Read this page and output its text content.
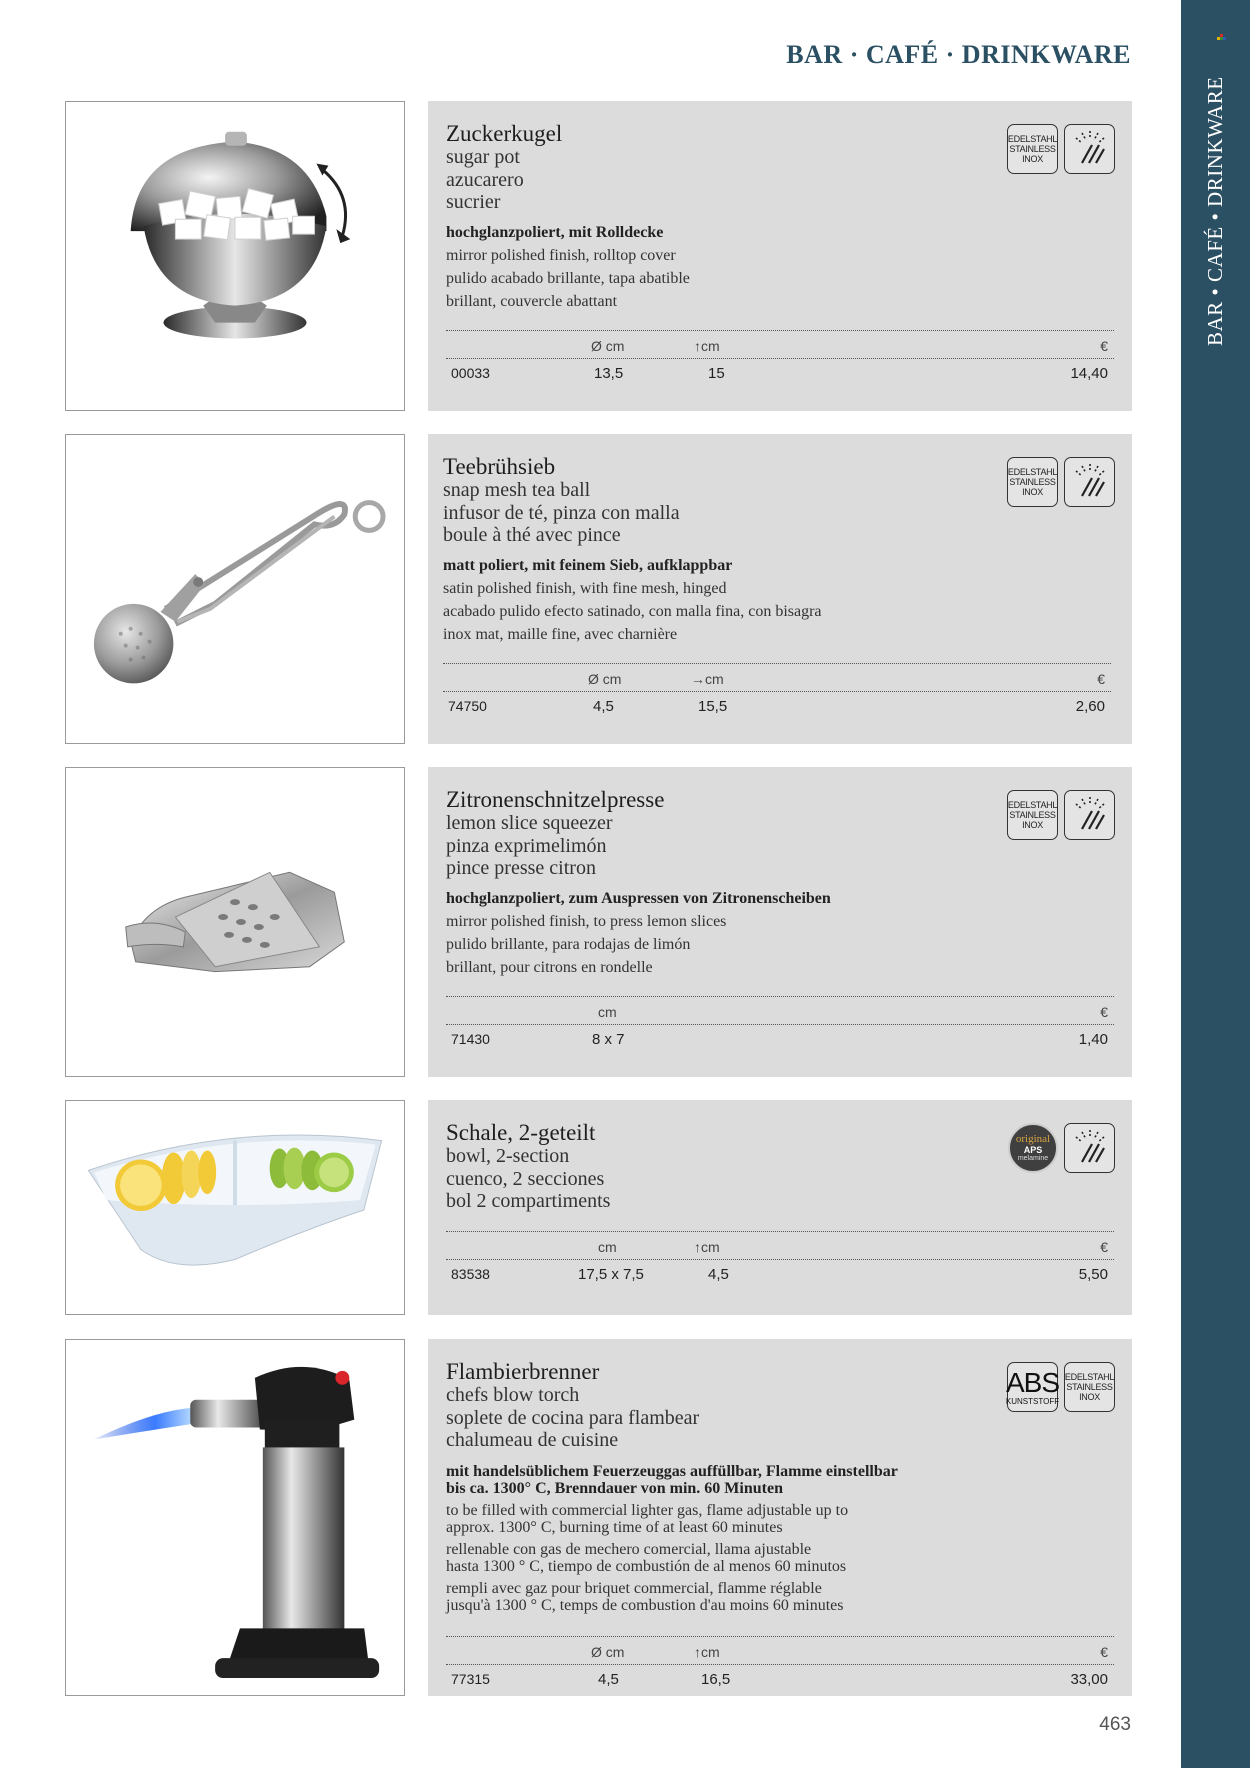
BAR • CAFÉ • DRINKWARE
BAR · CAFÉ · DRINKWARE
EDELSTAHL
STAINLESS
INOX
Zuckerkugel
sugar pot
azucarero
sucrier
hochglanzpoliert, mit Rolldecke
mirror polished finish, rolltop cover
pulido acabado brillante, tapa abatible
brillant, couvercle abattant
Ø cm	↑cm	€
00033	13,5	15	14,40
EDELSTAHL
STAINLESS
INOX
Teebrühsieb
snap mesh tea ball
infusor de té, pinza con malla
boule à thé avec pince
matt poliert, mit feinem Sieb, aufklappbar
satin polished finish, with fine mesh, hinged
acabado pulido efecto satinado, con malla fina, con bisagra
inox mat, maille fine, avec charnière
Ø cm	→cm	€
74750	4,5	15,5	2,60
EDELSTAHL
STAINLESS
INOX
Zitronenschnitzelpresse
lemon slice squeezer
pinza exprimelimón
pince presse citron
hochglanzpoliert, zum Auspressen von Zitronenscheiben
mirror polished finish, to press lemon slices
pulido brillante, para rodajas de limón
brillant, pour citrons en rondelle
cm	€
71430	8 x 7	1,40
original
APS
melamine
Schale, 2-geteilt
bowl, 2-section
cuenco, 2 secciones
bol 2 compartiments
cm	↑cm	€
83538	17,5 x 7,5	4,5	5,50
ABS
KUNSTSTOFF
EDELSTAHL
STAINLESS
INOX
Flambierbrenner
chefs blow torch
soplete de cocina para flambear
chalumeau de cuisine
mit handelsüblichem Feuerzeuggas auffüllbar, Flamme einstellbar
bis ca. 1300° C, Brenndauer von min. 60 Minuten
to be filled with commercial lighter gas, flame adjustable up to
approx. 1300° C, burning time of at least 60 minutes
rellenable con gas de mechero comercial, llama ajustable
hasta 1300 ° C, tiempo de combustión de al menos 60 minutos
rempli avec gaz pour briquet commercial, flamme réglable
jusqu'à 1300 ° C, temps de combustion d'au moins 60 minutes
Ø cm	↑cm	€
77315	4,5	16,5	33,00
463
